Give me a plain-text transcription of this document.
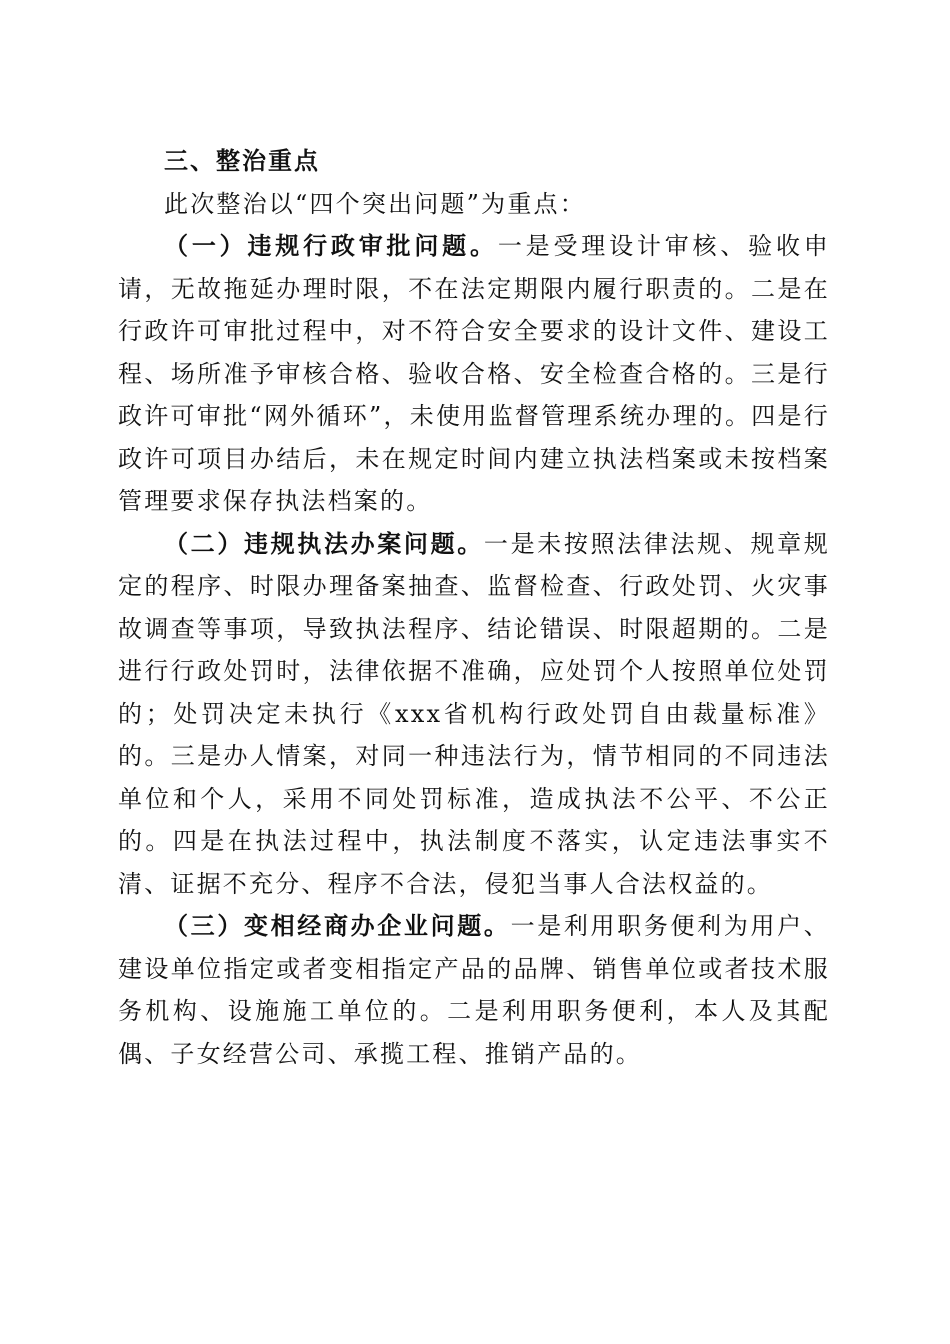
三、整治重点

此次整治以“四个突出问题”为重点：

（一）违规行政审批问题。一是受理设计审核、验收申请，无故拖延办理时限，不在法定期限内履行职责的。二是在行政许可审批过程中，对不符合安全要求的设计文件、建设工程、场所准予审核合格、验收合格、安全检查合格的。三是行政许可审批“网外循环”，未使用监督管理系统办理的。四是行政许可项目办结后，未在规定时间内建立执法档案或未按档案管理要求保存执法档案的。

（二）违规执法办案问题。一是未按照法律法规、规章规定的程序、时限办理备案抽查、监督检查、行政处罚、火灾事故调查等事项，导致执法程序、结论错误、时限超期的。二是进行行政处罚时，法律依据不准确，应处罚个人按照单位处罚的；处罚决定未执行《xxx省机构行政处罚自由裁量标准》的。三是办人情案，对同一种违法行为，情节相同的不同违法单位和个人，采用不同处罚标准，造成执法不公平、不公正的。四是在执法过程中，执法制度不落实，认定违法事实不清、证据不充分、程序不合法，侵犯当事人合法权益的。

（三）变相经商办企业问题。一是利用职务便利为用户、建设单位指定或者变相指定产品的品牌、销售单位或者技术服务机构、设施施工单位的。二是利用职务便利，本人及其配偶、子女经营公司、承揽工程、推销产品的。
